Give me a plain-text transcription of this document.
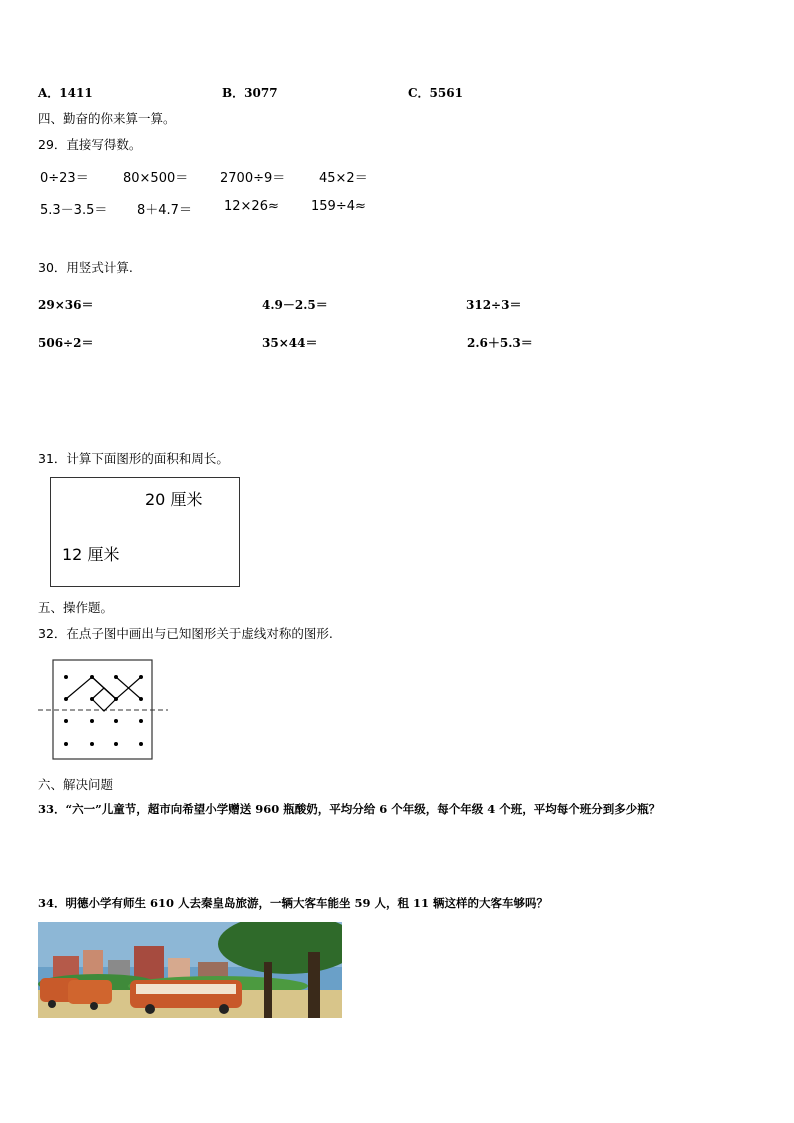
A．1411	B．3077	C．5561
四、勤奋的你来算一算。
29．直接写得数。
0÷23＝	80×500＝ 2700÷9＝	45×2＝
5.3－3.5＝ 8＋4.7＝ 12×26≈ 159÷4≈
30．用竖式计算.
29×36＝	4.9－2.5＝	312÷3＝
506÷2＝	35×44＝	2.6＋5.3＝
31．计算下面图形的面积和周长。
20 厘米
12 厘米
五、操作题。
32．在点子图中画出与已知图形关于虚线对称的图形.
六、解决问题
33．“六一”儿童节，超市向希望小学赠送 960 瓶酸奶，平均分给 6 个年级，每个年级 4 个班，平均每个班分到多少瓶？
34．明德小学有师生 610 人去秦皇岛旅游，一辆大客车能坐 59 人，租 11 辆这样的大客车够吗？
